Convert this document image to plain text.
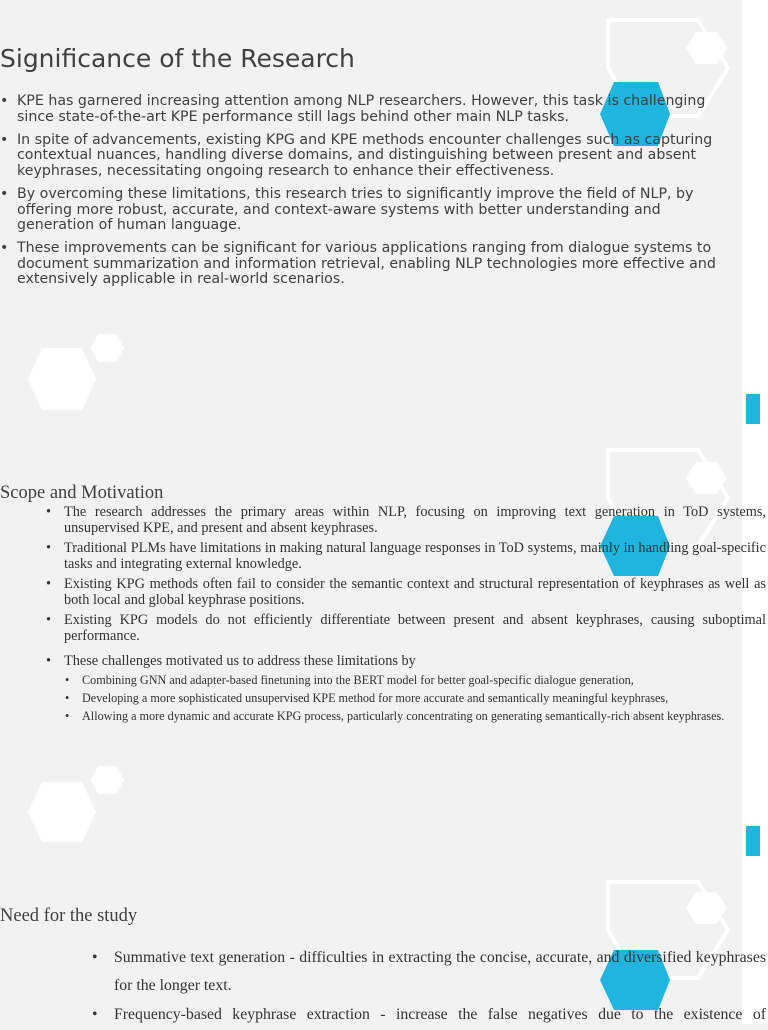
Significance of the Research
• KPE has garnered increasing attention among NLP researchers. However, this task is challenging since state-of-the-art KPE performance still lags behind other main NLP tasks.
• In spite of advancements, existing KPG and KPE methods encounter challenges such as capturing contextual nuances, handling diverse domains, and distinguishing between present and absent keyphrases, necessitating ongoing research to enhance their effectiveness.
• By overcoming these limitations, this research tries to significantly improve the field of NLP, by offering more robust, accurate, and context-aware systems with better understanding and generation of human language.
• These improvements can be significant for various applications ranging from dialogue systems to document summarization and information retrieval, enabling NLP technologies more effective and extensively applicable in real-world scenarios.
Scope and Motivation
• The research addresses the primary areas within NLP, focusing on improving text generation in ToD systems, unsupervised KPE, and present and absent keyphrases.
• Traditional PLMs have limitations in making natural language responses in ToD systems, mainly in handling goal-specific tasks and integrating external knowledge.
• Existing KPG methods often fail to consider the semantic context and structural representation of keyphrases as well as both local and global keyphrase positions.
• Existing KPG models do not efficiently differentiate between present and absent keyphrases, causing suboptimal performance.
• These challenges motivated us to address these limitations by
• Combining GNN and adapter-based finetuning into the BERT model for better goal-specific dialogue generation,
• Developing a more sophisticated unsupervised KPE method for more accurate and semantically meaningful keyphrases,
• Allowing a more dynamic and accurate KPG process, particularly concentrating on generating semantically-rich absent keyphrases.
Need for the study
• Summative text generation - difficulties in extracting the concise, accurate, and diversified keyphrases for the longer text.
• Frequency-based keyphrase extraction - increase the false negatives due to the existence of
